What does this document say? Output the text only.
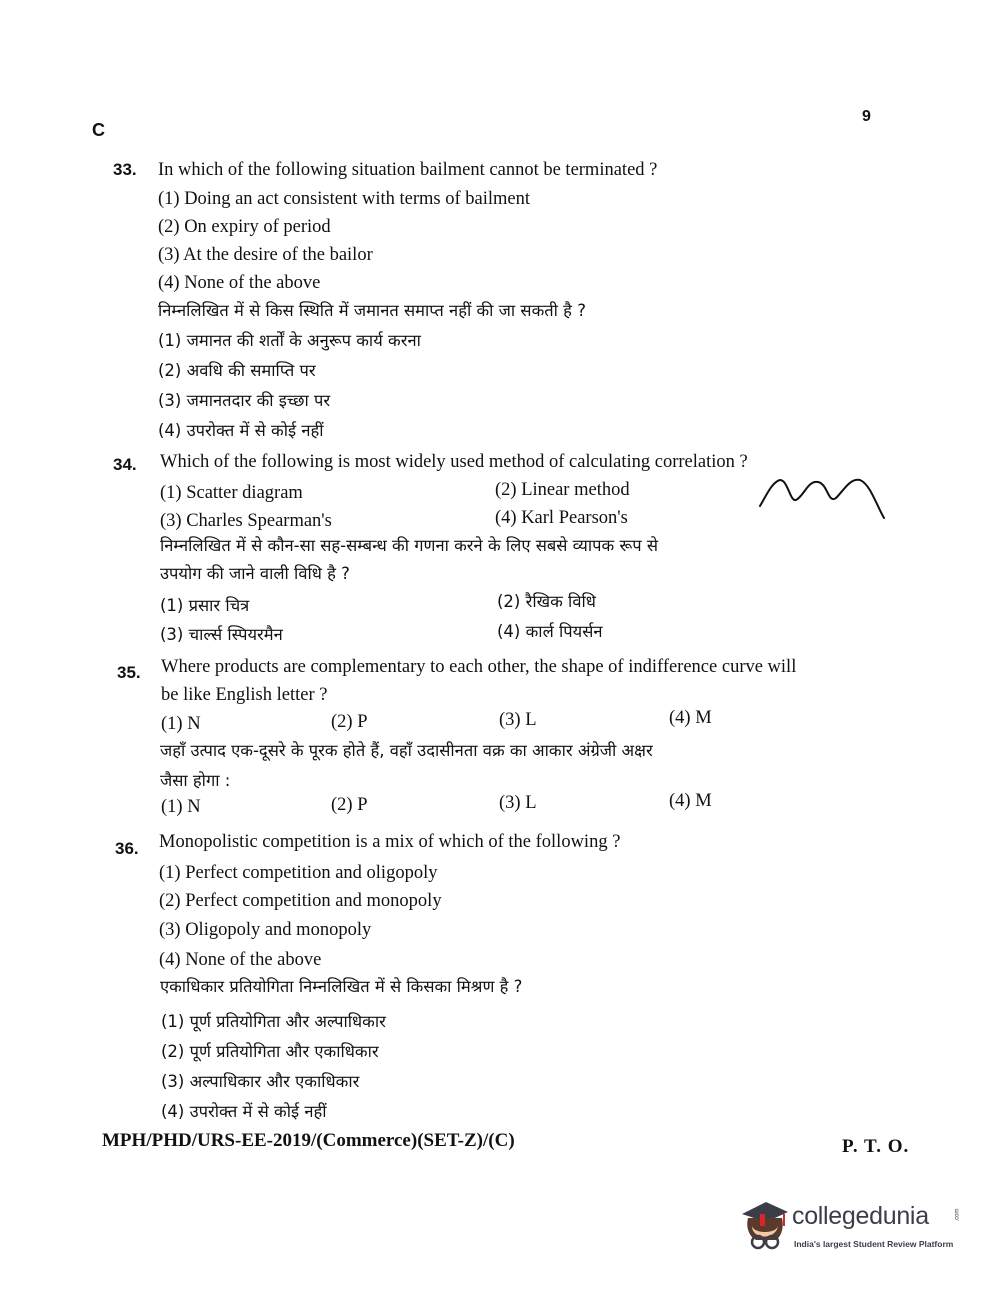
C
9
33. In which of the following situation bailment cannot be terminated ?
(1) Doing an act consistent with terms of bailment
(2) On expiry of period
(3) At the desire of the bailor
(4) None of the above
निम्नलिखित में से किस स्थिति में जमानत समाप्त नहीं की जा सकती है ?
(1) जमानत की शर्तों के अनुरूप कार्य करना
(2) अवधि की समाप्ति पर
(3) जमानतदार की इच्छा पर
(4) उपरोक्त में से कोई नहीं
34. Which of the following is most widely used method of calculating correlation ?
(1) Scatter diagram	(2) Linear method
(3) Charles Spearman's	(4) Karl Pearson's
निम्नलिखित में से कौन-सा सह-सम्बन्ध की गणना करने के लिए सबसे व्यापक रूप से
उपयोग की जाने वाली विधि है ?
(1) प्रसार चित्र	(2) रैखिक विधि
(3) चार्ल्स स्पियरमैन	(4) कार्ल पियर्सन
35. Where products are complementary to each other, the shape of indifference curve will
be like English letter ?
(1) N	(2) P	(3) L	(4) M
जहाँ उत्पाद एक-दूसरे के पूरक होते हैं, वहाँ उदासीनता वक्र का आकार अंग्रेजी अक्षर
जैसा होगा :
(1) N	(2) P	(3) L	(4) M
36. Monopolistic competition is a mix of which of the following ?
(1) Perfect competition and oligopoly
(2) Perfect competition and monopoly
(3) Oligopoly and monopoly
(4) None of the above
एकाधिकार प्रतियोगिता निम्नलिखित में से किसका मिश्रण है ?
(1) पूर्ण प्रतियोगिता और अल्पाधिकार
(2) पूर्ण प्रतियोगिता और एकाधिकार
(3) अल्पाधिकार और एकाधिकार
(4) उपरोक्त में से कोई नहीं
MPH/PHD/URS-EE-2019/(Commerce)(SET-Z)/(C)	P. T. O.
collegedunia	.com
India's largest Student Review Platform
